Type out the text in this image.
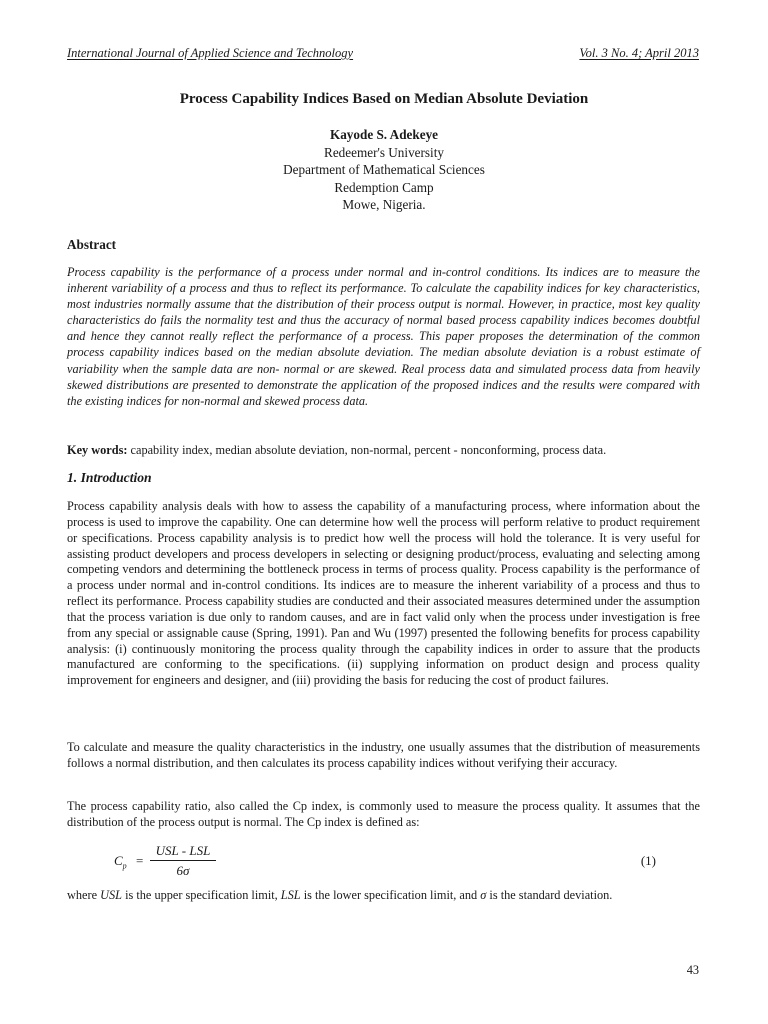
International Journal of Applied Science and Technology	Vol. 3 No. 4; April 2013
Process Capability Indices Based on Median Absolute Deviation
Kayode S. Adekeye
Redeemer's University
Department of Mathematical Sciences
Redemption Camp
Mowe, Nigeria.
Abstract
Process capability is the performance of a process under normal and in-control conditions. Its indices are to measure the inherent variability of a process and thus to reflect its performance. To calculate the capability indices for key characteristics, most industries normally assume that the distribution of their process output is normal. However, in practice, most key quality characteristics do fails the normality test and thus the accuracy of normal based process capability indices becomes doubtful and hence they cannot really reflect the performance of a process. This paper proposes the determination of the common process capability indices based on the median absolute deviation. The median absolute deviation is a robust estimate of variability when the sample data are non- normal or are skewed. Real process data and simulated process data from heavily skewed distributions are presented to demonstrate the application of the proposed indices and the results were compared with the existing indices for non-normal and skewed process data.
Key words: capability index, median absolute deviation, non-normal, percent - nonconforming, process data.
1. Introduction
Process capability analysis deals with how to assess the capability of a manufacturing process, where information about the process is used to improve the capability. One can determine how well the process will perform relative to product requirement or specifications. Process capability analysis is to predict how well the process will hold the tolerance. It is very useful for assisting product developers and process developers in selecting or designing product/process, evaluating and selecting among competing vendors and determining the bottleneck process in terms of process quality. Process capability is the performance of a process under normal and in-control conditions. Its indices are to measure the inherent variability of a process and thus to reflect its performance. Process capability studies are conducted and their associated measures determined under the assumption that the process variation is due only to random causes, and are in fact valid only when the process under investigation is free from any special or assignable cause (Spring, 1991). Pan and Wu (1997) presented the following benefits for process capability analysis: (i) continuously monitoring the process quality through the capability indices in order to assure that the products manufactured are conforming to the specifications. (ii) supplying information on product design and process quality improvement for engineers and designer, and (iii) providing the basis for reducing the cost of product failures.
To calculate and measure the quality characteristics in the industry, one usually assumes that the distribution of measurements follows a normal distribution, and then calculates its process capability indices without verifying their accuracy.
The process capability ratio, also called the Cp index, is commonly used to measure the process quality. It assumes that the distribution of the process output is normal. The Cp index is defined as:
$C_p$ =
USL - LSL
6σ
(1)
where USL is the upper specification limit, LSL is the lower specification limit, and σ is the standard deviation.
43
